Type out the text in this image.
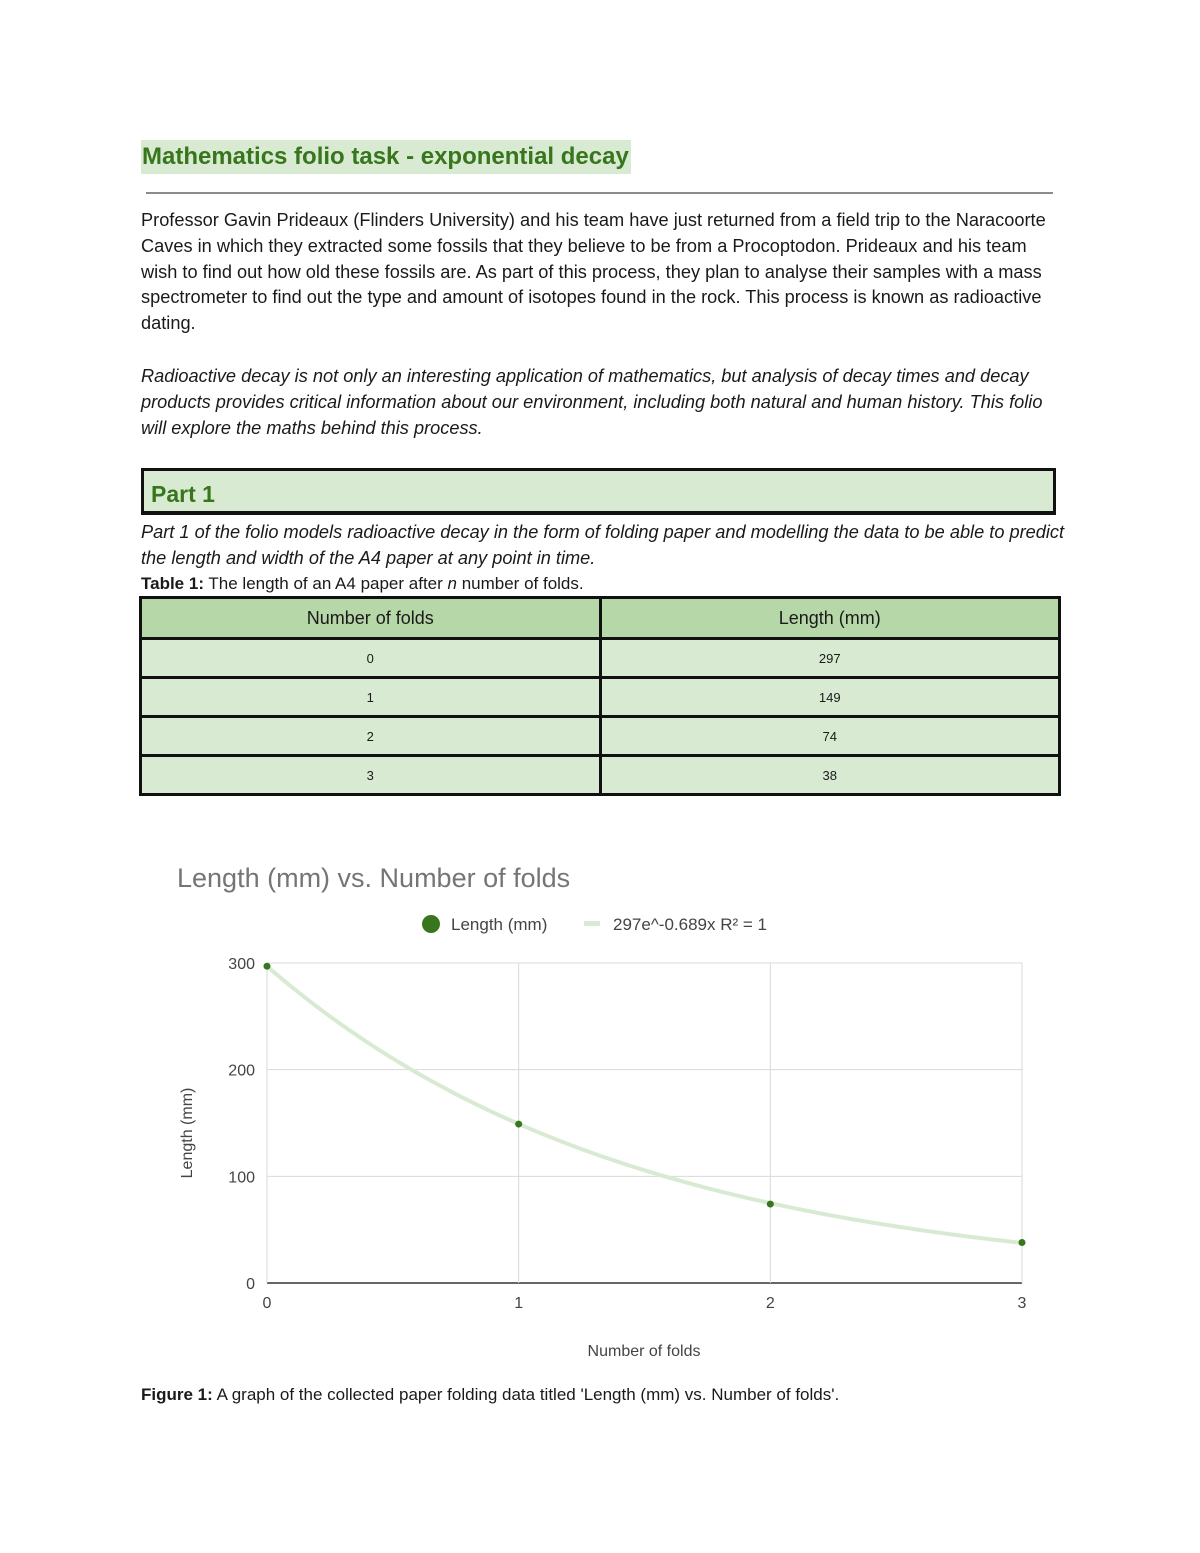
Mathematics folio task - exponential decay

Professor Gavin Prideaux (Flinders University) and his team have just returned from a field trip to the Naracoorte Caves in which they extracted some fossils that they believe to be from a Procoptodon. Prideaux and his team wish to find out how old these fossils are. As part of this process, they plan to analyse their samples with a mass spectrometer to find out the type and amount of isotopes found in the rock. This process is known as radioactive dating.

Radioactive decay is not only an interesting application of mathematics, but analysis of decay times and decay products provides critical information about our environment, including both natural and human history. This folio will explore the maths behind this process.

Part 1

Part 1 of the folio models radioactive decay in the form of folding paper and modelling the data to be able to predict the length and width of the A4 paper at any point in time.

Table 1: The length of an A4 paper after n number of folds.

Number of folds	Length (mm)
0	297
1	149
2	74
3	38
Length (mm) vs. Number of folds
Length (mm)	297e^-0.689x R² = 1
0
100
200
300
0	1	2	3
Length (mm)
Number of folds

Figure 1: A graph of the collected paper folding data titled 'Length (mm) vs. Number of folds'.
